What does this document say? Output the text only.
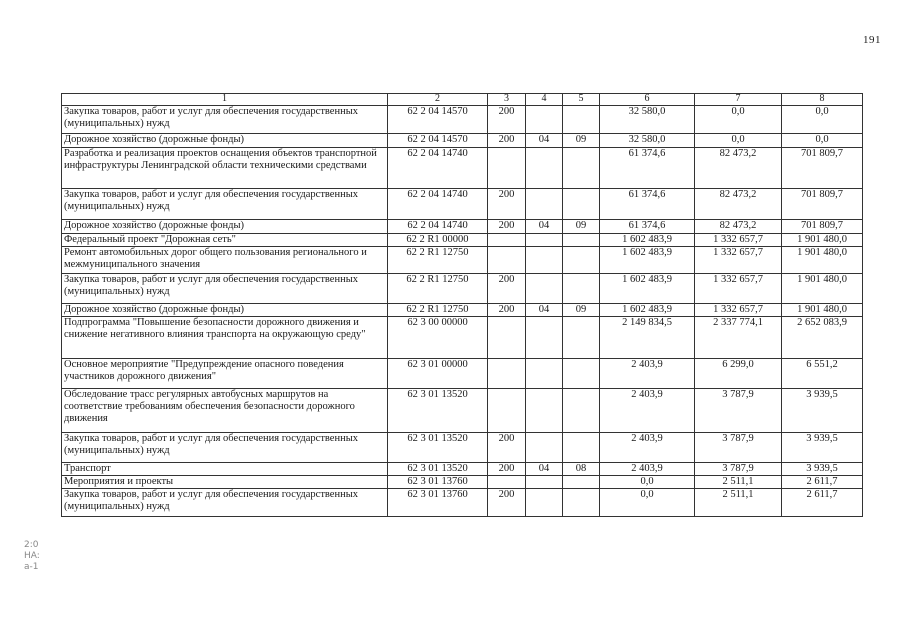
191
1	2	3	4	5	6	7	8
Закупка товаров, работ и услуг для обеспечения государственных (муниципальных) нужд	62 2 04 14570	200			32 580,0	0,0	0,0
Дорожное хозяйство (дорожные фонды)	62 2 04 14570	200	04	09	32 580,0	0,0	0,0
Разработка и реализация проектов оснащения объектов транспортной инфраструктуры Ленинградской области техническими средствами	62 2 04 14740				61 374,6	82 473,2	701 809,7
Закупка товаров, работ и услуг для обеспечения государственных (муниципальных) нужд	62 2 04 14740	200			61 374,6	82 473,2	701 809,7
Дорожное хозяйство (дорожные фонды)	62 2 04 14740	200	04	09	61 374,6	82 473,2	701 809,7
Федеральный проект "Дорожная сеть"	62 2 R1 00000				1 602 483,9	1 332 657,7	1 901 480,0
Ремонт автомобильных дорог общего пользования регионального и межмуниципального значения	62 2 R1 12750				1 602 483,9	1 332 657,7	1 901 480,0
Закупка товаров, работ и услуг для обеспечения государственных (муниципальных) нужд	62 2 R1 12750	200			1 602 483,9	1 332 657,7	1 901 480,0
Дорожное хозяйство (дорожные фонды)	62 2 R1 12750	200	04	09	1 602 483,9	1 332 657,7	1 901 480,0
Подпрограмма "Повышение безопасности дорожного движения и снижение негативного влияния транспорта на окружающую среду"	62 3 00 00000				2 149 834,5	2 337 774,1	2 652 083,9
Основное мероприятие "Предупреждение опасного поведения участников дорожного движения"	62 3 01 00000				2 403,9	6 299,0	6 551,2
Обследование трасс регулярных автобусных маршрутов на соответствие требованиям обеспечения безопасности дорожного движения	62 3 01 13520				2 403,9	3 787,9	3 939,5
Закупка товаров, работ и услуг для обеспечения государственных (муниципальных) нужд	62 3 01 13520	200			2 403,9	3 787,9	3 939,5
Транспорт	62 3 01 13520	200	04	08	2 403,9	3 787,9	3 939,5
Мероприятия и проекты	62 3 01 13760				0,0	2 511,1	2 611,7
Закупка товаров, работ и услуг для обеспечения государственных (муниципальных) нужд	62 3 01 13760	200			0,0	2 511,1	2 611,7
2:0
HA:
a-1
